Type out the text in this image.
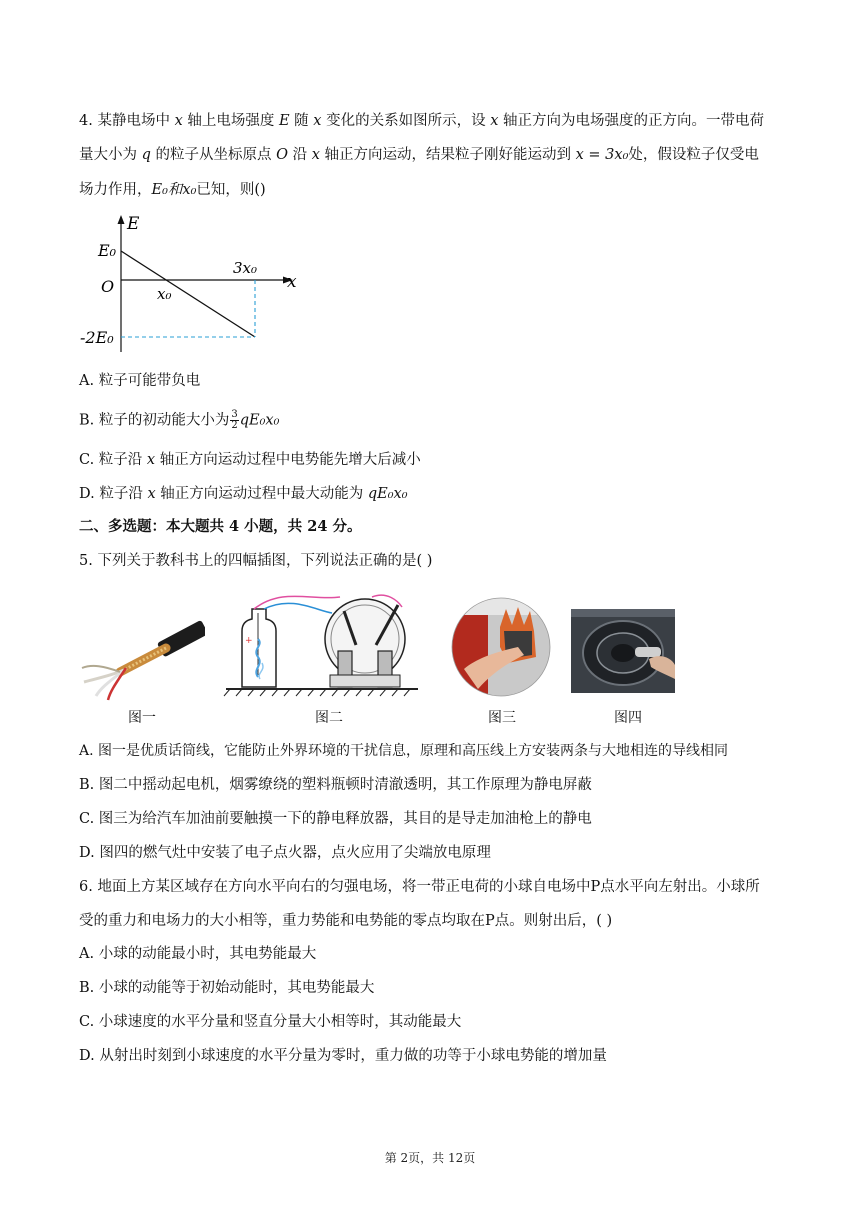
4. 某静电场中 x 轴上电场强度 E 随 x 变化的关系如图所示，设 x 轴正方向为电场强度的正方向。一带电荷
量大小为 q 的粒子从坐标原点 O 沿 x 轴正方向运动，结果粒子刚好能运动到 x = 3x₀处，假设粒子仅受电
场力作用，E₀和x₀已知，则()
E
x
E₀
O	x₀
3x₀
-2E₀
A. 粒子可能带负电
B. 粒子的初动能大小为 $\frac{3}{2} qE_0x_0$
C. 粒子沿 x 轴正方向运动过程中电势能先增大后减小
D. 粒子沿 x 轴正方向运动过程中最大动能为 qE₀x₀
二、多选题：本大题共 4 小题，共 24 分。
5. 下列关于教科书上的四幅插图，下列说法正确的是( )
+
图一	图二	图三	图四
A. 图一是优质话筒线，它能防止外界环境的干扰信息，原理和高压线上方安装两条与大地相连的导线相同
B. 图二中摇动起电机，烟雾缭绕的塑料瓶顿时清澈透明，其工作原理为静电屏蔽
C. 图三为给汽车加油前要触摸一下的静电释放器，其目的是导走加油枪上的静电
D. 图四的燃气灶中安装了电子点火器，点火应用了尖端放电原理
6. 地面上方某区域存在方向水平向右的匀强电场，将一带正电荷的小球自电场中P点水平向左射出。小球所
受的重力和电场力的大小相等，重力势能和电势能的零点均取在P点。则射出后，( )
A. 小球的动能最小时，其电势能最大
B. 小球的动能等于初始动能时，其电势能最大
C. 小球速度的水平分量和竖直分量大小相等时，其动能最大
D. 从射出时刻到小球速度的水平分量为零时，重力做的功等于小球电势能的增加量
第 2页，共 12页
